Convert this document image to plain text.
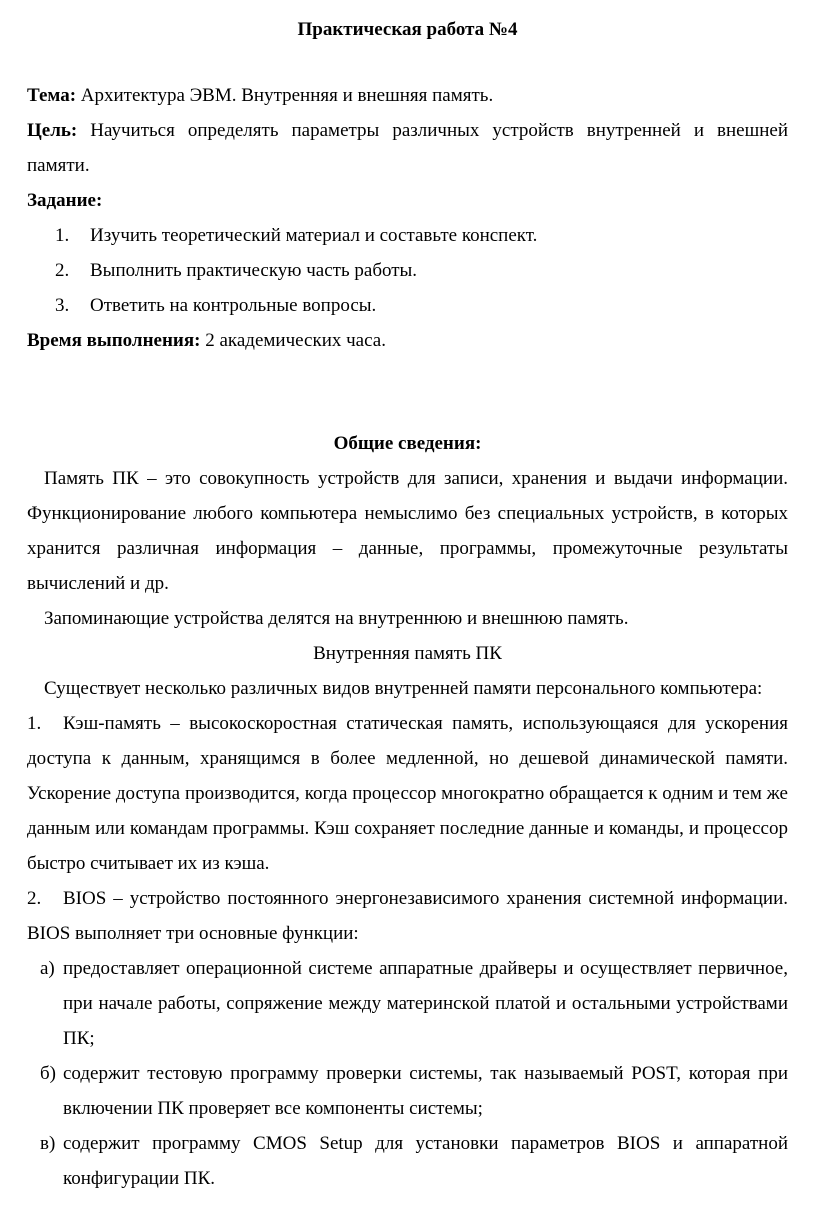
Практическая работа №4

Тема: Архитектура ЭВМ. Внутренняя и внешняя память.

Цель: Научиться определять параметры различных устройств внутренней и внешней памяти.

Задание:

1. Изучить теоретический материал и составьте конспект.

2. Выполнить практическую часть работы.

3. Ответить на контрольные вопросы.

Время выполнения: 2 академических часа.

Общие сведения:

Память ПК – это совокупность устройств для записи, хранения и выдачи информации. Функционирование любого компьютера немыслимо без специальных устройств, в которых хранится различная информация – данные, программы, промежуточные результаты вычислений и др.

Запоминающие устройства делятся на внутреннюю и внешнюю память.

Внутренняя память ПК

Существует несколько различных видов внутренней памяти персонального компьютера:

1. Кэш-память – высокоскоростная статическая память, использующаяся для ускорения доступа к данным, хранящимся в более медленной, но дешевой динамической памяти. Ускорение доступа производится, когда процессор многократно обращается к одним и тем же данным или командам программы. Кэш сохраняет последние данные и команды, и процессор быстро считывает их из кэша.

2. BIOS – устройство постоянного энергонезависимого хранения системной информации. BIOS выполняет три основные функции:

а) предоставляет операционной системе аппаратные драйверы и осуществляет первичное, при начале работы, сопряжение между материнской платой и остальными устройствами ПК;

б) содержит тестовую программу проверки системы, так называемый POST, которая при включении ПК проверяет все компоненты системы;

в) содержит программу CMOS Setup для установки параметров BIOS и аппаратной конфигурации ПК.
